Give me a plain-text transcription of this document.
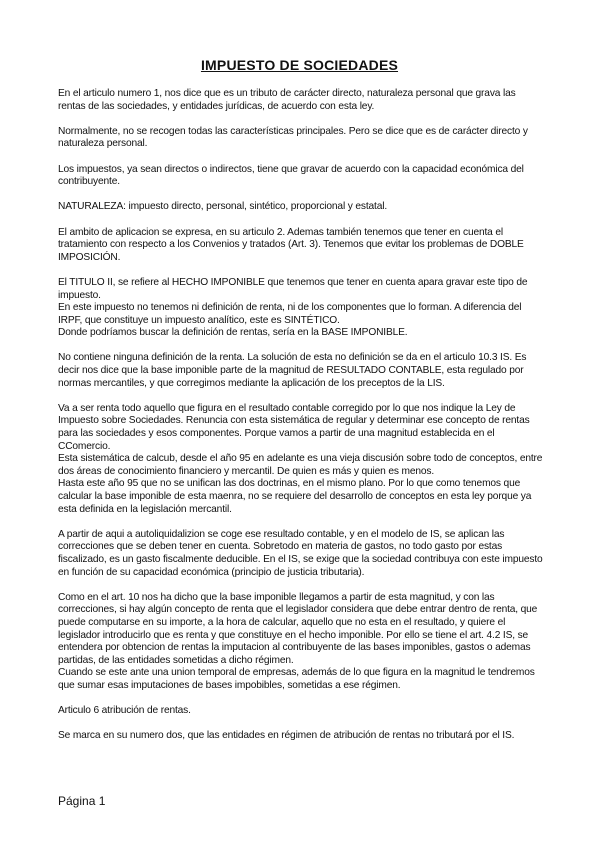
IMPUESTO DE SOCIEDADES

En el articulo numero 1, nos dice que es un tributo de carácter directo, naturaleza personal que grava las rentas de las sociedades, y entidades jurídicas, de acuerdo con esta ley.

Normalmente, no se recogen todas las características principales. Pero se dice que es de carácter directo y naturaleza personal.

Los impuestos, ya sean directos o indirectos, tiene que gravar de acuerdo con la capacidad económica del contribuyente.

NATURALEZA: impuesto directo, personal, sintético, proporcional y estatal.

El ambito de aplicacion se expresa, en su articulo 2. Ademas también tenemos que tener en cuenta el tratamiento con respecto a los Convenios y tratados (Art. 3). Tenemos que evitar los problemas de DOBLE IMPOSICIÓN.

El TITULO II, se refiere al HECHO IMPONIBLE que tenemos que tener en cuenta apara gravar este tipo de impuesto.
En este impuesto no tenemos ni definición de renta, ni de los componentes que lo forman. A diferencia del IRPF, que constituye un impuesto analítico, este es SINTÉTICO.
Donde podríamos buscar la definición de rentas, sería en la BASE IMPONIBLE.

No contiene ninguna definición de la renta. La solución de esta no definición se da en el articulo 10.3 IS. Es decir nos dice que la base imponible parte de la magnitud de RESULTADO CONTABLE, esta regulado por normas mercantiles, y que corregimos mediante la aplicación de los preceptos de la LIS.

Va a ser renta todo aquello que figura en el resultado contable corregido por lo que nos indique la Ley de Impuesto sobre Sociedades. Renuncia con esta sistemática de regular y determinar ese concepto de rentas para las sociedades y esos componentes. Porque vamos a partir de una magnitud establecida en el CComercio.
Esta sistemática de calcub, desde el año 95 en adelante es una vieja discusión sobre todo de conceptos, entre dos áreas de conocimiento financiero y mercantil. De quien es más y quien es menos.
Hasta este año 95 que no se unifican las dos doctrinas, en el mismo plano. Por lo que como tenemos que calcular la base imponible de esta maenra, no se requiere del desarrollo de conceptos en esta ley porque ya esta definida en la legislación mercantil.

A partir de aqui a autoliquidalizion se coge ese resultado contable, y en el modelo de IS, se aplican las correcciones que se deben tener en cuenta. Sobretodo en materia de gastos, no todo gasto por estas fiscalizado, es un gasto fiscalmente deducible. En el IS, se exige que la sociedad contribuya con este impuesto en función de su capacidad económica (principio de justicia tributaria).

Como en el art. 10 nos ha dicho que la base imponible llegamos a partir de esta magnitud, y con las correcciones, si hay algún concepto de renta que el legislador considera que debe entrar dentro de renta, que puede computarse en su importe, a la hora de calcular, aquello que no esta en el resultado, y quiere el legislador introducirlo que es renta y que constituye en el hecho imponible. Por ello se tiene el art. 4.2 IS, se entendera por obtencion de rentas la imputacion al contribuyente de las bases imponibles, gastos o ademas partidas, de las entidades sometidas a dicho régimen.
Cuando se este ante una union temporal de empresas, además de lo que figura en la magnitud le tendremos que sumar esas imputaciones de bases impobibles, sometidas a ese régimen.

Articulo 6 atribución de rentas.

Se marca en su numero dos, que las entidades en régimen de atribución de rentas no tributará por el IS.

Página 1
